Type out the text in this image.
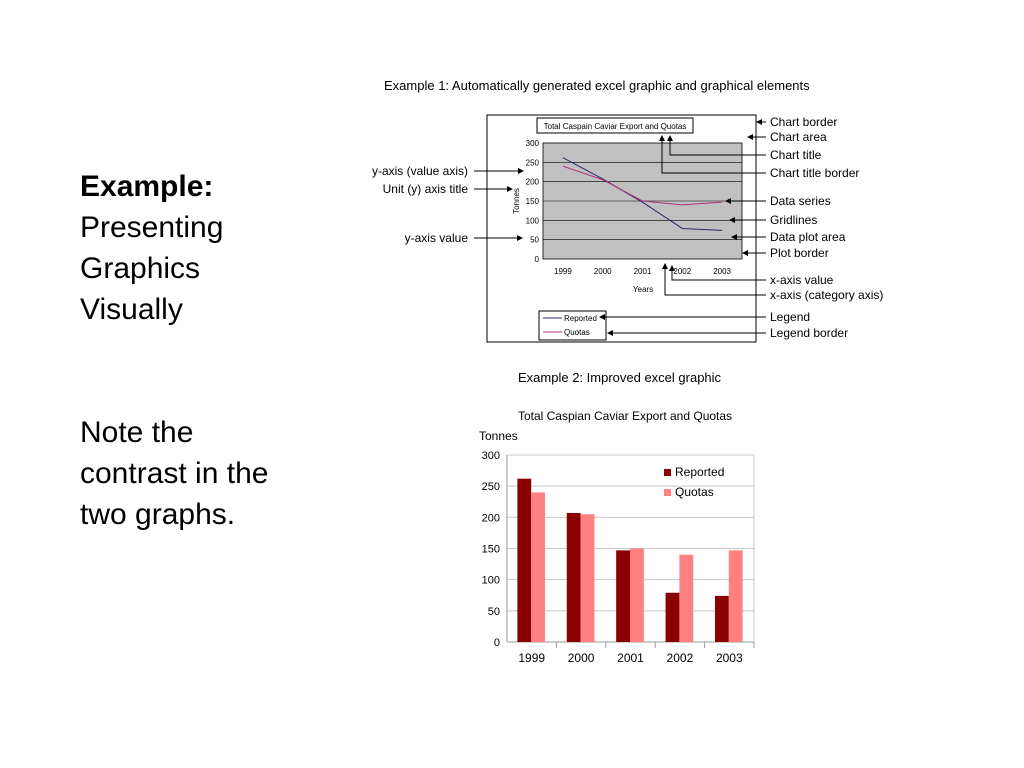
Example:
Presenting
Graphics
Visually
Note the
contrast in the
two graphs.
Example 1: Automatically generated excel graphic and graphical elements
Total Caspain Caviar Export and Quotas
Tonnes
Years
0
50
100
150
200
250
300
1999	2000	2001	2002	2003
Reported
Quotas
Chart border
Chart area
Chart title
Chart title border
Data series
Gridlines
Data plot area
Plot border
x-axis value
x-axis (category axis)
Legend
Legend border
y-axis (value axis)
Unit (y) axis title
y-axis value
Example 2: Improved excel graphic
Total Caspian Caviar Export and Quotas
Tonnes
0
50
100
150
200
250
300
1999 2000 2001 2002 2003
Reported
Quotas
